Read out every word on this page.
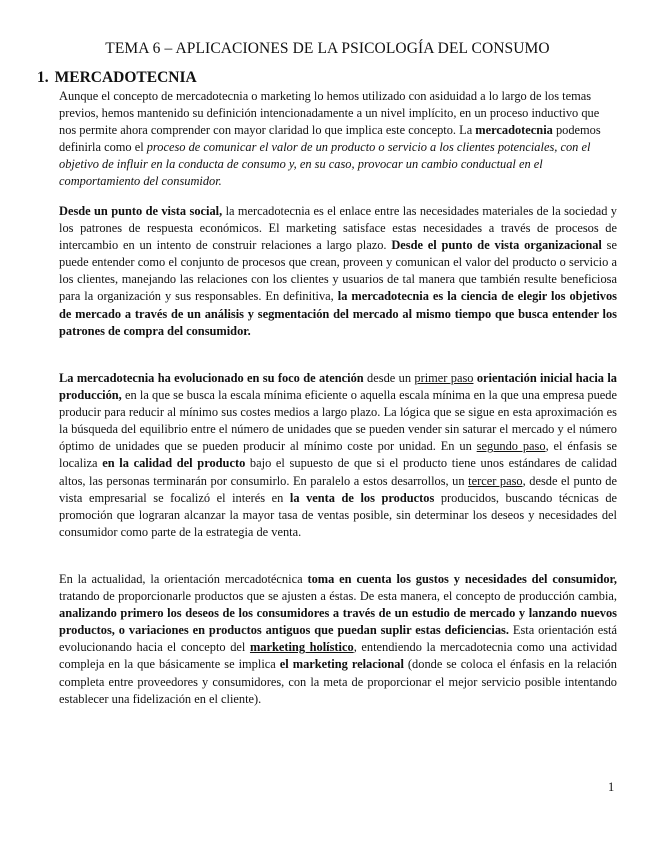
TEMA 6 – APLICACIONES DE LA PSICOLOGÍA DEL CONSUMO
1. MERCADOTECNIA

Aunque el concepto de mercadotecnia o marketing lo hemos utilizado con asiduidad a lo largo de los temas previos, hemos mantenido su definición intencionadamente a un nivel implícito, en un proceso inductivo que nos permite ahora comprender con mayor claridad lo que implica este concepto. La mercadotecnia podemos definirla como el proceso de comunicar el valor de un producto o servicio a los clientes potenciales, con el objetivo de influir en la conducta de consumo y, en su caso, provocar un cambio conductual en el comportamiento del consumidor.

Desde un punto de vista social, la mercadotecnia es el enlace entre las necesidades materiales de la sociedad y los patrones de respuesta económicos. El marketing satisface estas necesidades a través de procesos de intercambio en un intento de construir relaciones a largo plazo. Desde el punto de vista organizacional se puede entender como el conjunto de procesos que crean, proveen y comunican el valor del producto o servicio a los clientes, manejando las relaciones con los clientes y usuarios de tal manera que también resulte beneficiosa para la organización y sus responsables. En definitiva, la mercadotecnia es la ciencia de elegir los objetivos de mercado a través de un análisis y segmentación del mercado al mismo tiempo que busca entender los patrones de compra del consumidor.

La mercadotecnia ha evolucionado en su foco de atención desde un primer paso orientación inicial hacia la producción, en la que se busca la escala mínima eficiente o aquella escala mínima en la que una empresa puede producir para reducir al mínimo sus costes medios a largo plazo. La lógica que se sigue en esta aproximación es la búsqueda del equilibrio entre el número de unidades que se pueden vender sin saturar el mercado y el número óptimo de unidades que se pueden producir al mínimo coste por unidad. En un segundo paso, el énfasis se localiza en la calidad del producto bajo el supuesto de que si el producto tiene unos estándares de calidad altos, las personas terminarán por consumirlo. En paralelo a estos desarrollos, un tercer paso, desde el punto de vista empresarial se focalizó el interés en la venta de los productos producidos, buscando técnicas de promoción que lograran alcanzar la mayor tasa de ventas posible, sin determinar los deseos y necesidades del consumidor como parte de la estrategia de venta.

En la actualidad, la orientación mercadotécnica toma en cuenta los gustos y necesidades del consumidor, tratando de proporcionarle productos que se ajusten a éstas. De esta manera, el concepto de producción cambia, analizando primero los deseos de los consumidores a través de un estudio de mercado y lanzando nuevos productos, o variaciones en productos antiguos que puedan suplir estas deficiencias. Esta orientación está evolucionando hacia el concepto del marketing holístico, entendiendo la mercadotecnia como una actividad compleja en la que básicamente se implica el marketing relacional (donde se coloca el énfasis en la relación completa entre proveedores y consumidores, con la meta de proporcionar el mejor servicio posible intentando establecer una fidelización en el cliente).

1
